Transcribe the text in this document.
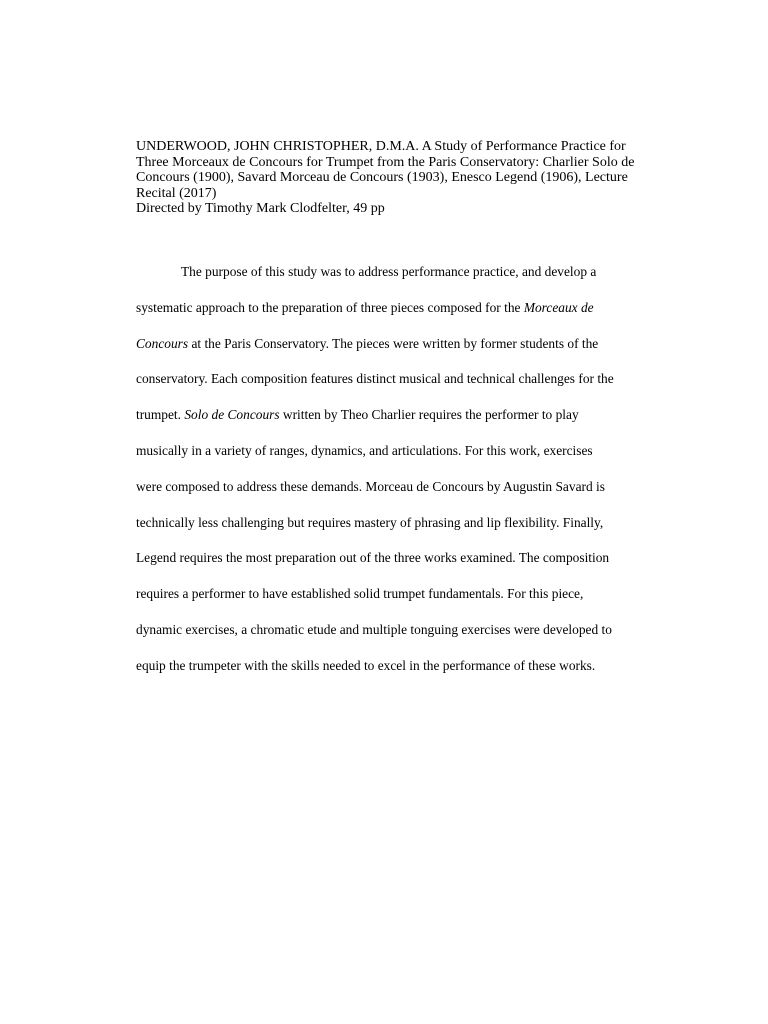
UNDERWOOD, JOHN CHRISTOPHER, D.M.A. A Study of Performance Practice for
Three Morceaux de Concours for Trumpet from the Paris Conservatory: Charlier Solo de
Concours (1900), Savard Morceau de Concours (1903), Enesco Legend (1906), Lecture
Recital (2017)
Directed by Timothy Mark Clodfelter, 49 pp
The purpose of this study was to address performance practice, and develop a
systematic approach to the preparation of three pieces composed for the Morceaux de
Concours at the Paris Conservatory. The pieces were written by former students of the
conservatory. Each composition features distinct musical and technical challenges for the
trumpet. Solo de Concours written by Theo Charlier requires the performer to play
musically in a variety of ranges, dynamics, and articulations. For this work, exercises
were composed to address these demands. Morceau de Concours by Augustin Savard is
technically less challenging but requires mastery of phrasing and lip flexibility. Finally,
Legend requires the most preparation out of the three works examined. The composition
requires a performer to have established solid trumpet fundamentals. For this piece,
dynamic exercises, a chromatic etude and multiple tonguing exercises were developed to
equip the trumpeter with the skills needed to excel in the performance of these works.
